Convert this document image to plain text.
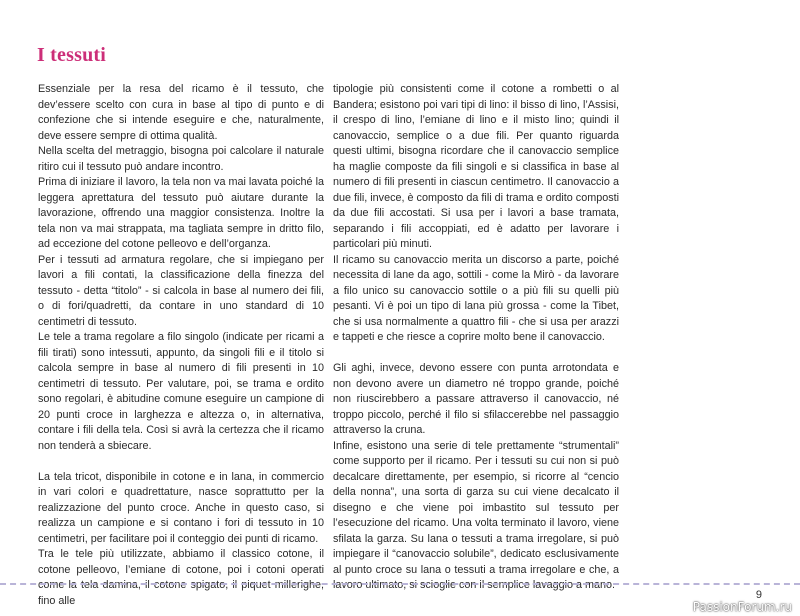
I tessuti

Essenziale per la resa del ricamo è il tessuto, che dev’essere scelto con cura in base al tipo di punto e di confezione che si intende eseguire e che, naturalmente, deve essere sempre di ottima qualità.

Nella scelta del metraggio, bisogna poi calcolare il naturale ritiro cui il tessuto può andare incontro.

Prima di iniziare il lavoro, la tela non va mai lavata poiché la leggera aprettatura del tessuto può aiutare durante la lavorazione, offrendo una maggior consistenza. Inoltre la tela non va mai strappata, ma tagliata sempre in dritto filo, ad eccezione del cotone pelleovo e dell’organza.

Per i tessuti ad armatura regolare, che si impiegano per lavori a fili contati, la classificazione della finezza del tessuto - detta “titolo” - si calcola in base al numero dei fili, o di fori/quadretti, da contare in uno standard di 10 centimetri di tessuto.

Le tele a trama regolare a filo singolo (indicate per ricami a fili tirati) sono intessuti, appunto, da singoli fili e il titolo si calcola sempre in base al numero di fili presenti in 10 centimetri di tessuto. Per valutare, poi, se trama e ordito sono regolari, è abitudine comune eseguire un campione di 20 punti croce in larghezza e altezza o, in alternativa, contare i fili della tela. Così si avrà la certezza che il ricamo non tenderà a sbiecare.

La tela tricot, disponibile in cotone e in lana, in commercio in vari colori e quadrettature, nasce soprattutto per la realizzazione del punto croce. Anche in questo caso, si realizza un campione e si contano i fori di tessuto in 10 centimetri, per facilitare poi il conteggio dei punti di ricamo.

Tra le tele più utilizzate, abbiamo il classico cotone, il cotone pelleovo, l’emiane di cotone, poi i cotoni operati come la tela damina, il cotone spigato, il piquet millerighe, fino alle

tipologie più consistenti come il cotone a rombetti o al Bandera; esistono poi vari tipi di lino: il bisso di lino, l’Assisi, il crespo di lino, l’emiane di lino e il misto lino; quindi il canovaccio, semplice o a due fili. Per quanto riguarda questi ultimi, bisogna ricordare che il canovaccio semplice ha maglie composte da fili singoli e si classifica in base al numero di fili presenti in ciascun centimetro. Il canovaccio a due fili, invece, è composto da fili di trama e ordito composti da due fili accostati. Si usa per i lavori a base tramata, separando i fili accoppiati, ed è adatto per lavorare i particolari più minuti.

Il ricamo su canovaccio merita un discorso a parte, poiché necessita di lane da ago, sottili - come la Mirò - da lavorare a filo unico su canovaccio sottile o a più fili su quelli più pesanti. Vi è poi un tipo di lana più grossa - come la Tibet, che si usa normalmente a quattro fili - che si usa per arazzi e tappeti e che riesce a coprire molto bene il canovaccio.

Gli aghi, invece, devono essere con punta arrotondata e non devono avere un diametro né troppo grande, poiché non riuscirebbero a passare attraverso il canovaccio, né troppo piccolo, perché il filo si sfilaccerebbe nel passaggio attraverso la cruna.

Infine, esistono una serie di tele prettamente “strumentali” come supporto per il ricamo. Per i tessuti su cui non si può decalcare direttamente, per esempio, si ricorre al “cencio della nonna”, una sorta di garza su cui viene decalcato il disegno e che viene poi imbastito sul tessuto per l’esecuzione del ricamo. Una volta terminato il lavoro, viene sfilata la garza. Su lana o tessuti a trama irregolare, si può impiegare il “canovaccio solubile”, dedicato esclusivamente al punto croce su lana o tessuti a trama irregolare e che, a lavoro ultimato, si scioglie con il semplice lavaggio a mano.

9
PassionForum.ru
